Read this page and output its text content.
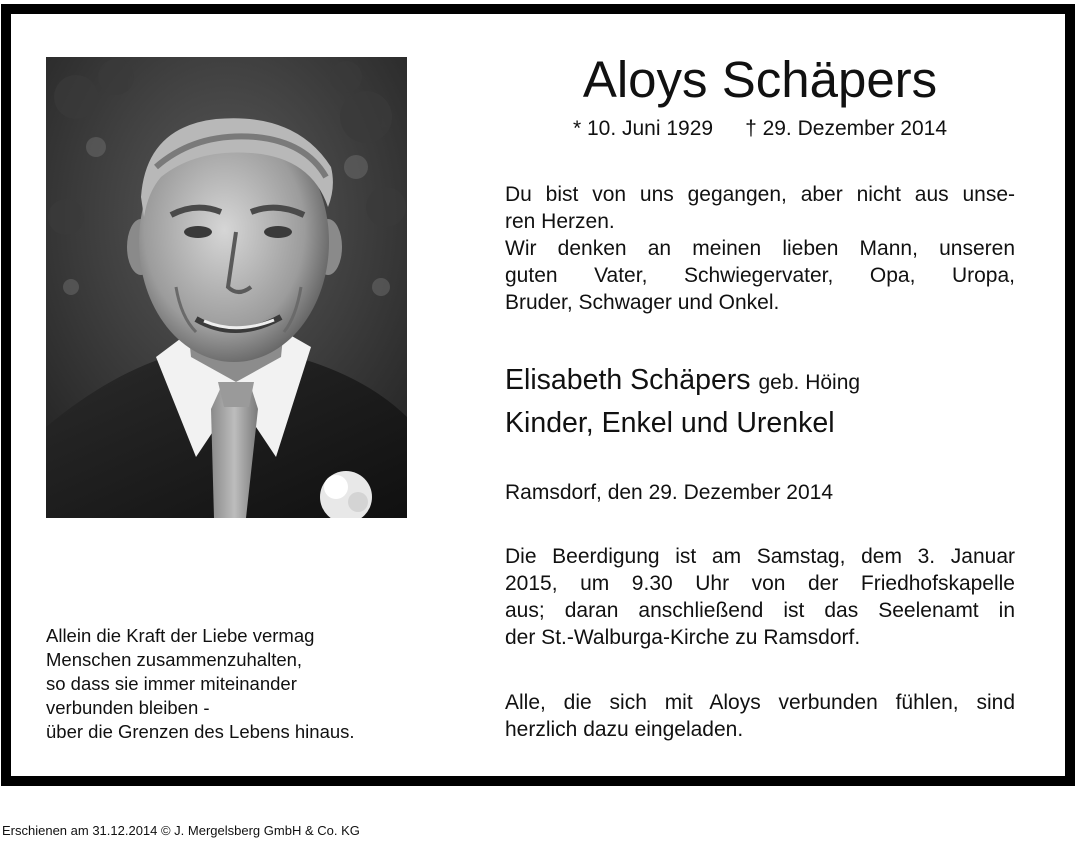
Aloys Schäpers
* 10. Juni 1929 † 29. Dezember 2014
Du bist von uns gegangen, aber nicht aus unse-
ren Herzen.
Wir denken an meinen lieben Mann, unseren
guten Vater, Schwiegervater, Opa, Uropa,
Bruder, Schwager und Onkel.
Elisabeth Schäpers geb. Höing
Kinder, Enkel und Urenkel
Ramsdorf, den 29. Dezember 2014
Die Beerdigung ist am Samstag, dem 3. Januar
2015, um 9.30 Uhr von der Friedhofskapelle
aus; daran anschließend ist das Seelenamt in
der St.-Walburga-Kirche zu Ramsdorf.
Alle, die sich mit Aloys verbunden fühlen, sind
herzlich dazu eingeladen.
Allein die Kraft der Liebe vermag
Menschen zusammenzuhalten,
so dass sie immer miteinander
verbunden bleiben -
über die Grenzen des Lebens hinaus.
Erschienen am 31.12.2014 © J. Mergelsberg GmbH & Co. KG
